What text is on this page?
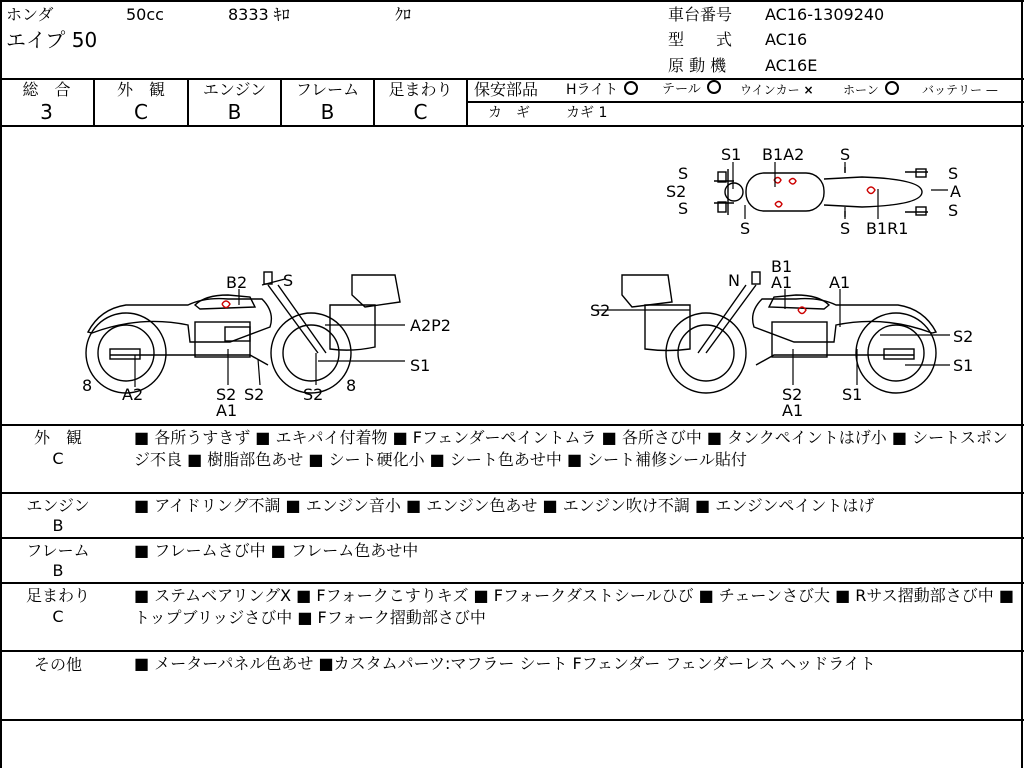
ホンダ	50cc	8333 ｷﾛ	ｸﾛ
エイプ 50
車台番号 AC16-1309240
型　　式 AC16
原 動 機 AC16E
総　合
3
外　観
C
エンジン
B
フレーム
B
足まわり
C
保安部品 Hライト	テール	ウインカー × ホーン	バッテリー —
カ　ギ	カギ 1
S1 B1A2 S
S
S2
S
S
A
S
S	S B1R1
B2 S
A2P2
S1
8 A2	S2 S2 S2 8
A1
B1
N A1 A1
S2
S2
S1
S2 S1
A1
外　観
C
■ 各所うすきず ■ エキパイ付着物 ■ Fフェンダーペイントムラ ■ 各所さび中 ■ タンクペイントはげ小 ■ シートスポンジ不良 ■ 樹脂部色あせ ■ シート硬化小 ■ シート色あせ中 ■ シート補修シール貼付
エンジン
B
■ アイドリング不調 ■ エンジン音小 ■ エンジン色あせ ■ エンジン吹け不調 ■ エンジンペイントはげ
フレーム
B
■ フレームさび中 ■ フレーム色あせ中
足まわり
C
■ ステムベアリングX ■ Fフォークこすりキズ ■ Fフォークダストシールひび ■ チェーンさび大 ■ Rサス摺動部さび中 ■ トップブリッジさび中 ■ Fフォーク摺動部さび中
その他	■ メーターパネル色あせ ■カスタムパーツ:マフラー シート Fフェンダー フェンダーレス ヘッドライト
